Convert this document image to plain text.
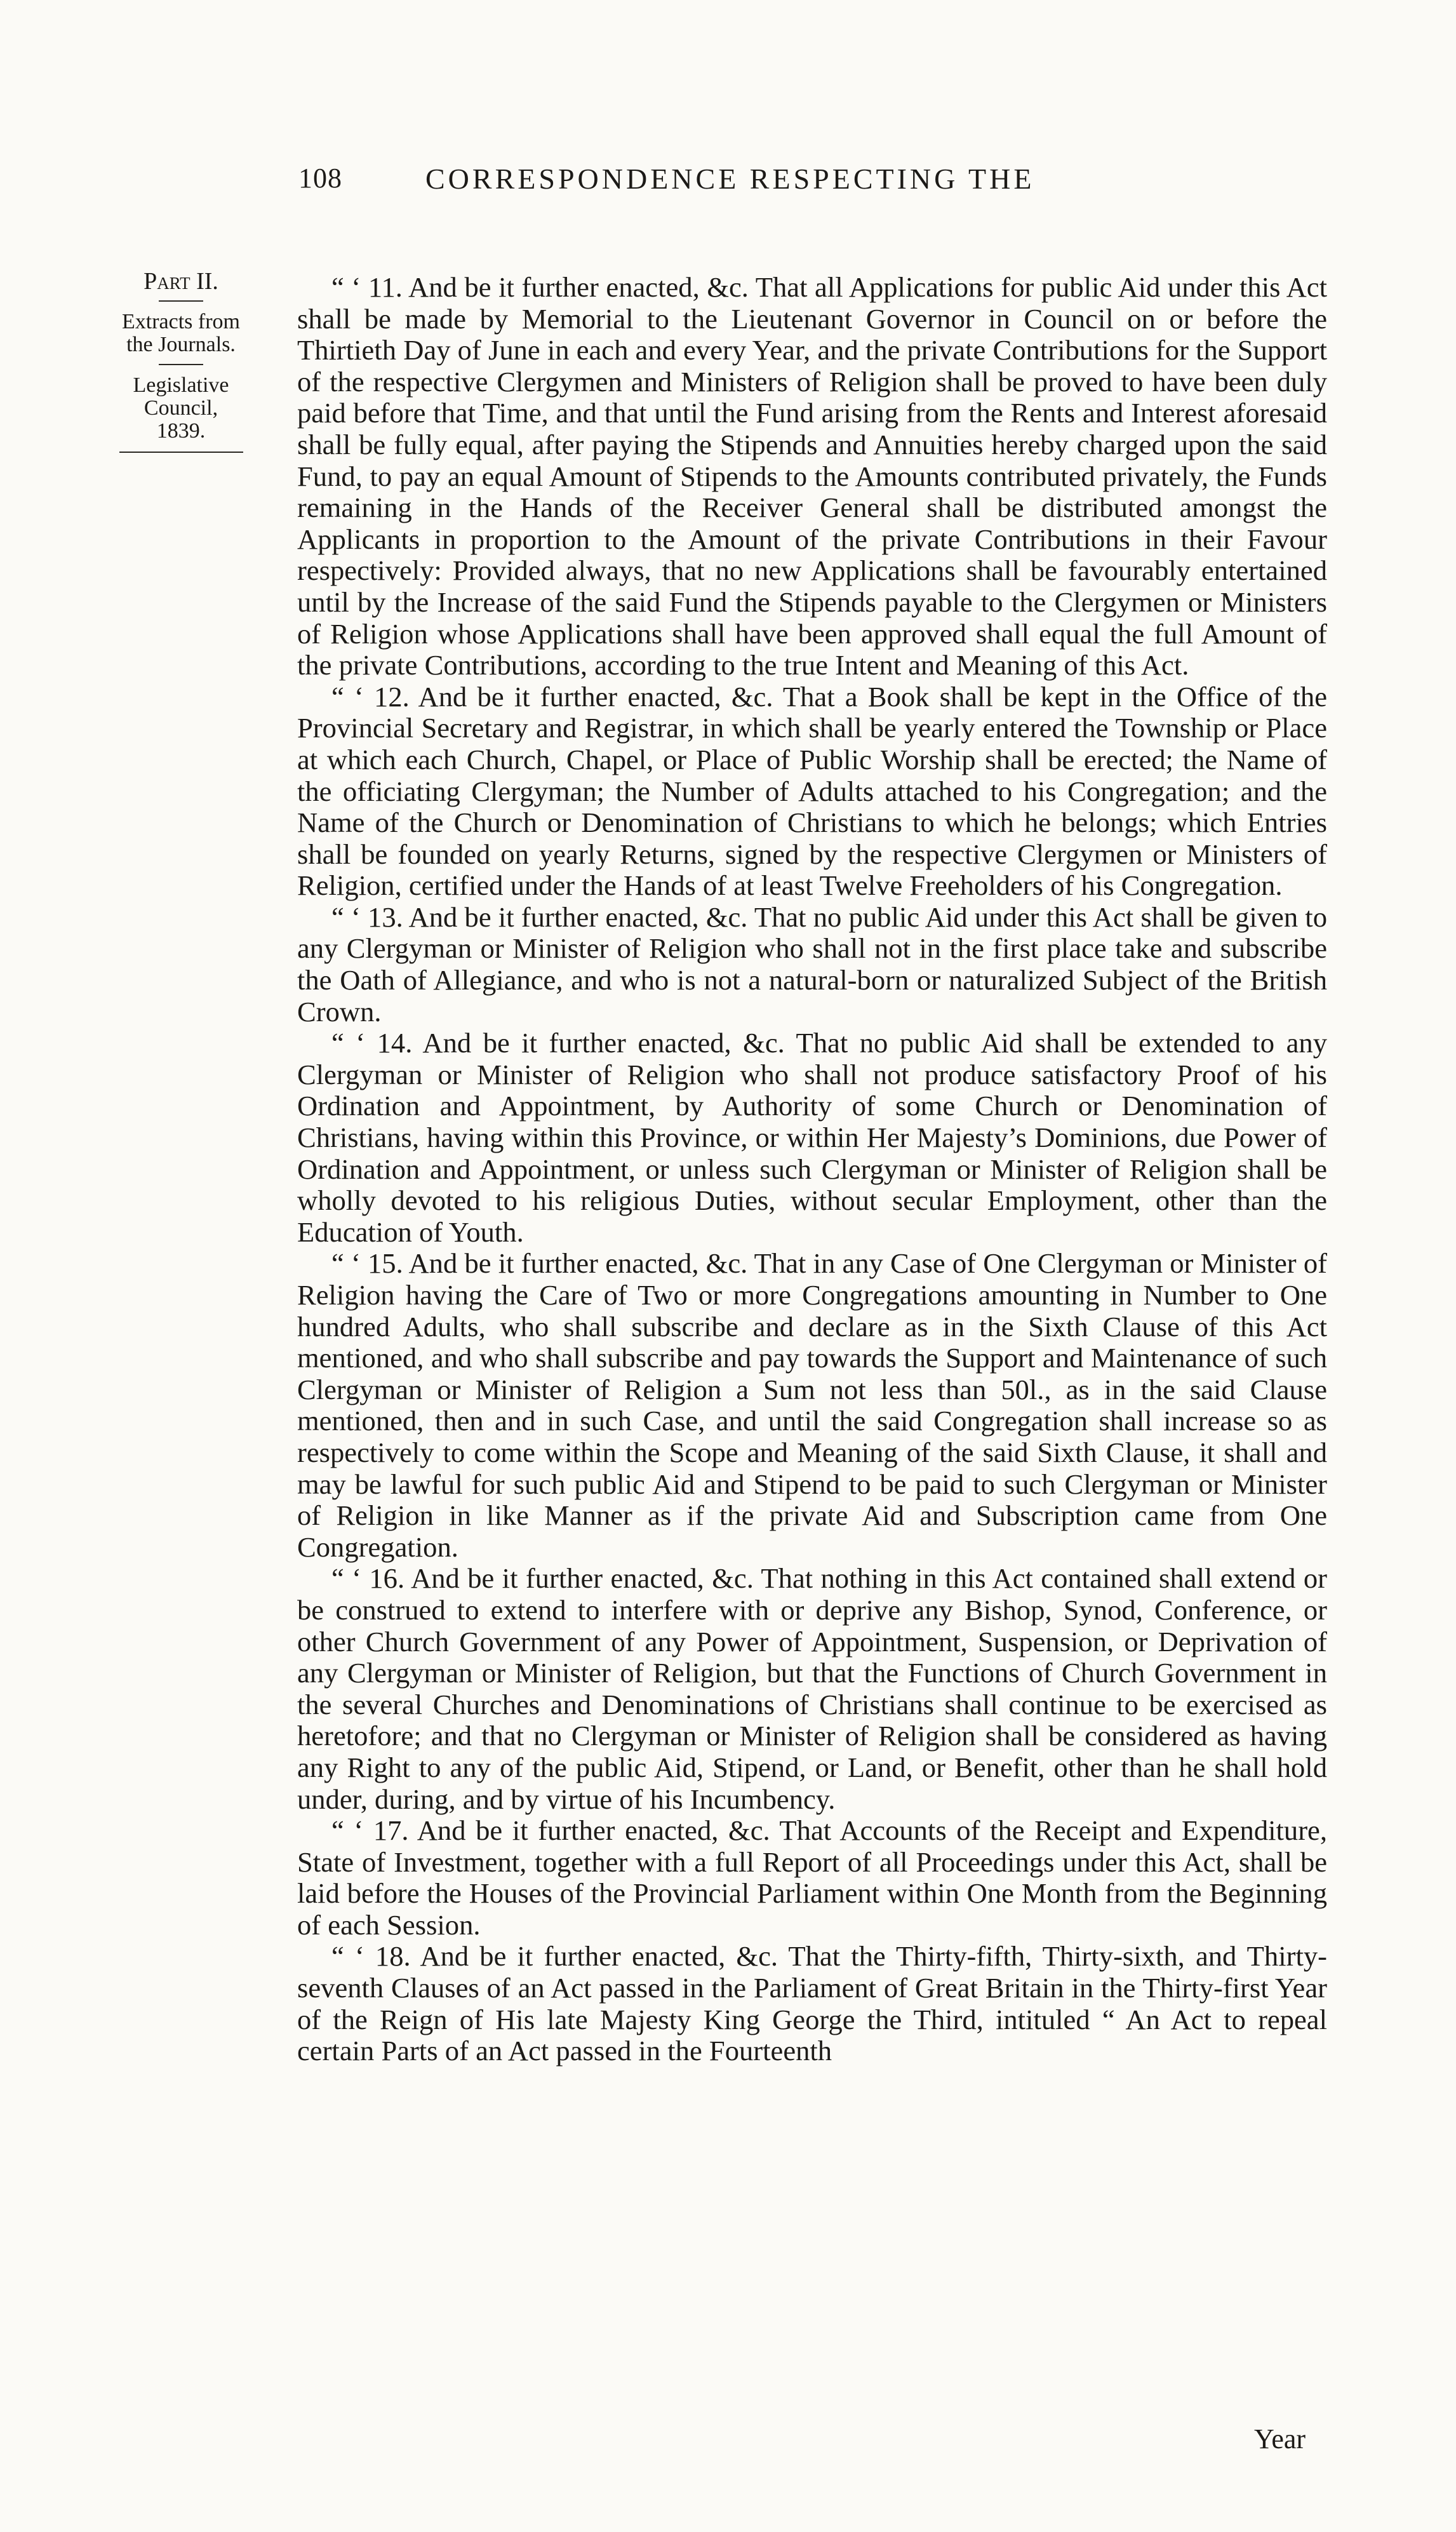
108	CORRESPONDENCE RESPECTING THE
Part II.
Extracts from
the Journals.
Legislative
Council,
1839.

“ ‘ 11. And be it further enacted, &c. That all Applications for public Aid under this Act shall be made by Memorial to the Lieutenant Governor in Council on or before the Thirtieth Day of June in each and every Year, and the private Contributions for the Support of the respective Clergymen and Ministers of Religion shall be proved to have been duly paid before that Time, and that until the Fund arising from the Rents and Interest aforesaid shall be fully equal, after paying the Stipends and Annuities hereby charged upon the said Fund, to pay an equal Amount of Stipends to the Amounts contributed privately, the Funds remaining in the Hands of the Receiver General shall be distributed amongst the Applicants in proportion to the Amount of the private Contributions in their Favour respectively: Provided always, that no new Applications shall be favourably entertained until by the Increase of the said Fund the Stipends payable to the Clergymen or Ministers of Religion whose Applications shall have been approved shall equal the full Amount of the private Contributions, according to the true Intent and Meaning of this Act.

“ ‘ 12. And be it further enacted, &c. That a Book shall be kept in the Office of the Provincial Secretary and Registrar, in which shall be yearly entered the Township or Place at which each Church, Chapel, or Place of Public Worship shall be erected; the Name of the officiating Clergyman; the Number of Adults attached to his Congregation; and the Name of the Church or Denomination of Christians to which he belongs; which Entries shall be founded on yearly Returns, signed by the respective Clergymen or Ministers of Religion, certified under the Hands of at least Twelve Freeholders of his Congregation.

“ ‘ 13. And be it further enacted, &c. That no public Aid under this Act shall be given to any Clergyman or Minister of Religion who shall not in the first place take and subscribe the Oath of Allegiance, and who is not a natural-born or naturalized Subject of the British Crown.

“ ‘ 14. And be it further enacted, &c. That no public Aid shall be extended to any Clergyman or Minister of Religion who shall not produce satisfactory Proof of his Ordination and Appointment, by Authority of some Church or Denomination of Christians, having within this Province, or within Her Majesty’s Dominions, due Power of Ordination and Appointment, or unless such Clergyman or Minister of Religion shall be wholly devoted to his religious Duties, without secular Employment, other than the Education of Youth.

“ ‘ 15. And be it further enacted, &c. That in any Case of One Clergyman or Minister of Religion having the Care of Two or more Congregations amounting in Number to One hundred Adults, who shall subscribe and declare as in the Sixth Clause of this Act mentioned, and who shall subscribe and pay towards the Support and Maintenance of such Clergyman or Minister of Religion a Sum not less than 50l., as in the said Clause mentioned, then and in such Case, and until the said Congregation shall increase so as respectively to come within the Scope and Meaning of the said Sixth Clause, it shall and may be lawful for such public Aid and Stipend to be paid to such Clergyman or Minister of Religion in like Manner as if the private Aid and Subscription came from One Congregation.

“ ‘ 16. And be it further enacted, &c. That nothing in this Act contained shall extend or be construed to extend to interfere with or deprive any Bishop, Synod, Conference, or other Church Government of any Power of Appointment, Suspension, or Deprivation of any Clergyman or Minister of Religion, but that the Functions of Church Government in the several Churches and Denominations of Christians shall continue to be exercised as heretofore; and that no Clergyman or Minister of Religion shall be considered as having any Right to any of the public Aid, Stipend, or Land, or Benefit, other than he shall hold under, during, and by virtue of his Incumbency.

“ ‘ 17. And be it further enacted, &c. That Accounts of the Receipt and Expenditure, State of Investment, together with a full Report of all Proceedings under this Act, shall be laid before the Houses of the Provincial Parliament within One Month from the Beginning of each Session.

“ ‘ 18. And be it further enacted, &c. That the Thirty-fifth, Thirty-sixth, and Thirty-seventh Clauses of an Act passed in the Parliament of Great Britain in the Thirty-first Year of the Reign of His late Majesty King George the Third, intituled “ An Act to repeal certain Parts of an Act passed in the Fourteenth

Year
